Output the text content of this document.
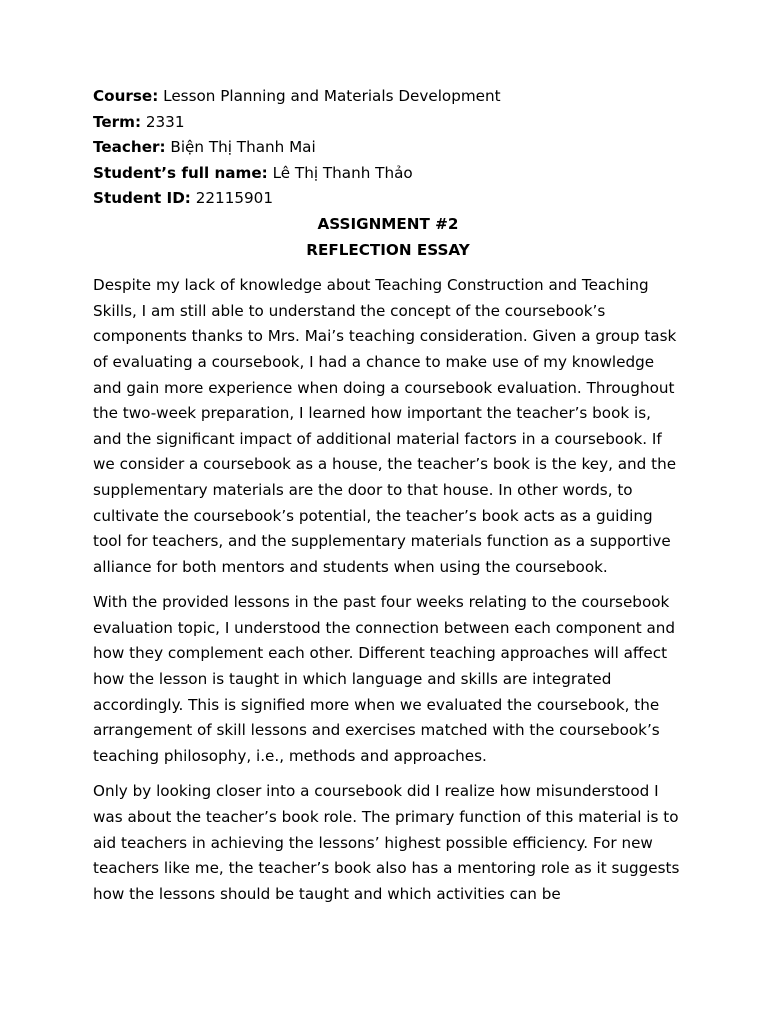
Course: Lesson Planning and Materials Development

Term: 2331

Teacher: Biện Thị Thanh Mai

Student’s full name: Lê Thị Thanh Thảo

Student ID: 22115901

ASSIGNMENT #2

REFLECTION ESSAY

Despite my lack of knowledge about Teaching Construction and Teaching Skills, I am still able to understand the concept of the coursebook’s components thanks to Mrs. Mai’s teaching consideration. Given a group task of evaluating a coursebook, I had a chance to make use of my knowledge and gain more experience when doing a coursebook evaluation. Throughout the two-week preparation, I learned how important the teacher’s book is, and the significant impact of additional material factors in a coursebook. If we consider a coursebook as a house, the teacher’s book is the key, and the supplementary materials are the door to that house. In other words, to cultivate the coursebook’s potential, the teacher’s book acts as a guiding tool for teachers, and the supplementary materials function as a supportive alliance for both mentors and students when using the coursebook.

With the provided lessons in the past four weeks relating to the coursebook evaluation topic, I understood the connection between each component and how they complement each other. Different teaching approaches will affect how the lesson is taught in which language and skills are integrated accordingly. This is signified more when we evaluated the coursebook, the arrangement of skill lessons and exercises matched with the coursebook’s teaching philosophy, i.e., methods and approaches.

Only by looking closer into a coursebook did I realize how misunderstood I was about the teacher’s book role. The primary function of this material is to aid teachers in achieving the lessons’ highest possible efficiency. For new teachers like me, the teacher’s book also has a mentoring role as it suggests how the lessons should be taught and which activities can be
